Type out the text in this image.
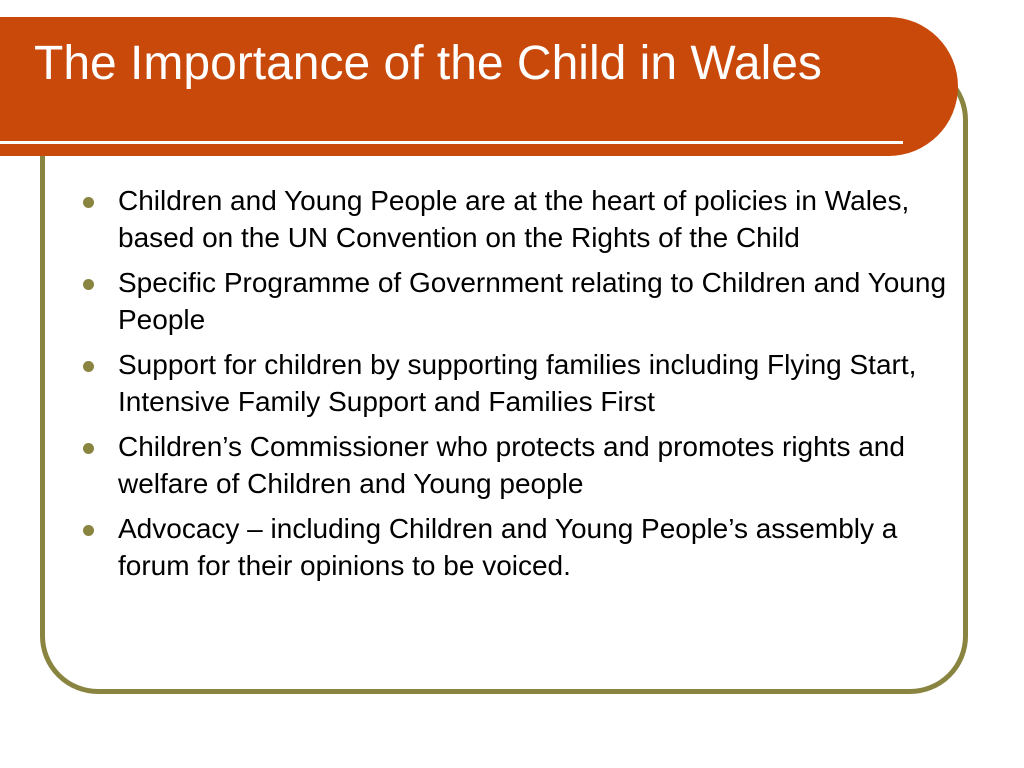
The Importance of the Child in Wales
Children and Young People are at the heart of policies in Wales, based on the UN Convention on the Rights of the Child
Specific Programme of Government relating to Children and Young People
Support for children by supporting families including Flying Start, Intensive Family Support and Families First
Children’s Commissioner who protects and promotes rights and welfare of Children and Young people
Advocacy – including Children and Young People’s assembly a forum for their opinions to be voiced.
